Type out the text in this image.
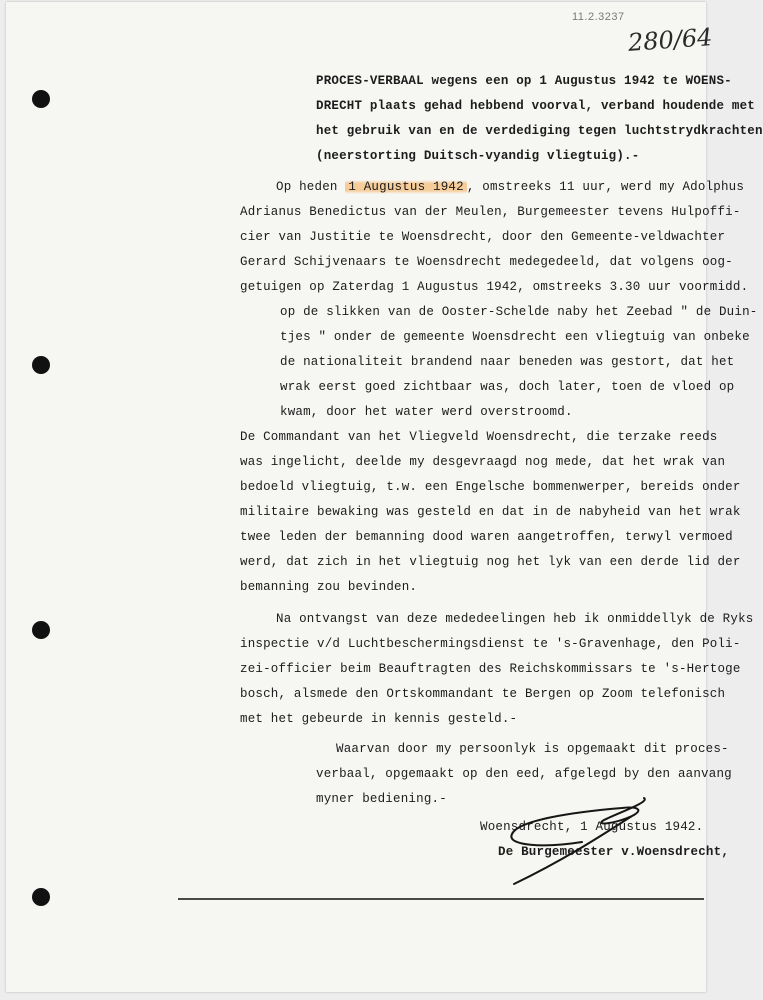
11.2.3237
280/64
PROCES-VERBAAL wegens een op 1 Augustus 1942 te WOENS-
DRECHT plaats gehad hebbend voorval, verband houdende met
het gebruik van en de verdediging tegen luchtstrydkrachten
(neerstorting Duitsch-vyandig vliegtuig).-
Op heden 1 Augustus 1942 , omstreeks 11 uur, werd my Adolphus
Adrianus Benedictus van der Meulen, Burgemeester tevens Hulpoffi-
cier van Justitie te Woensdrecht, door den Gemeente-veldwachter
Gerard Schijvenaars te Woensdrecht medegedeeld, dat volgens oog-
getuigen op Zaterdag 1 Augustus 1942, omstreeks 3.30 uur voormidd.
op de slikken van de Ooster-Schelde naby het Zeebad " de Duin-
tjes " onder de gemeente Woensdrecht een vliegtuig van onbeke
de nationaliteit brandend naar beneden was gestort, dat het
wrak eerst goed zichtbaar was, doch later, toen de vloed op
kwam, door het water werd overstroomd.
De Commandant van het Vliegveld Woensdrecht, die terzake reeds
was ingelicht, deelde my desgevraagd nog mede, dat het wrak van
bedoeld vliegtuig, t.w. een Engelsche bommenwerper, bereids onder
militaire bewaking was gesteld en dat in de nabyheid van het wrak
twee leden der bemanning dood waren aangetroffen, terwyl vermoed
werd, dat zich in het vliegtuig nog het lyk van een derde lid der
bemanning zou bevinden.
Na ontvangst van deze mededeelingen heb ik onmiddellyk de Ryks
inspectie v/d Luchtbeschermingsdienst te 's-Gravenhage, den Poli-
zei-officier beim Beauftragten des Reichskommissars te 's-Hertoge
bosch, alsmede den Ortskommandant te Bergen op Zoom telefonisch
met het gebeurde in kennis gesteld.-
Waarvan door my persoonlyk is opgemaakt dit proces-
verbaal, opgemaakt op den eed, afgelegd by den aanvang
myner bediening.-
Woensdrecht, 1 Augustus 1942.
De Burgemeester v.Woensdrecht,
